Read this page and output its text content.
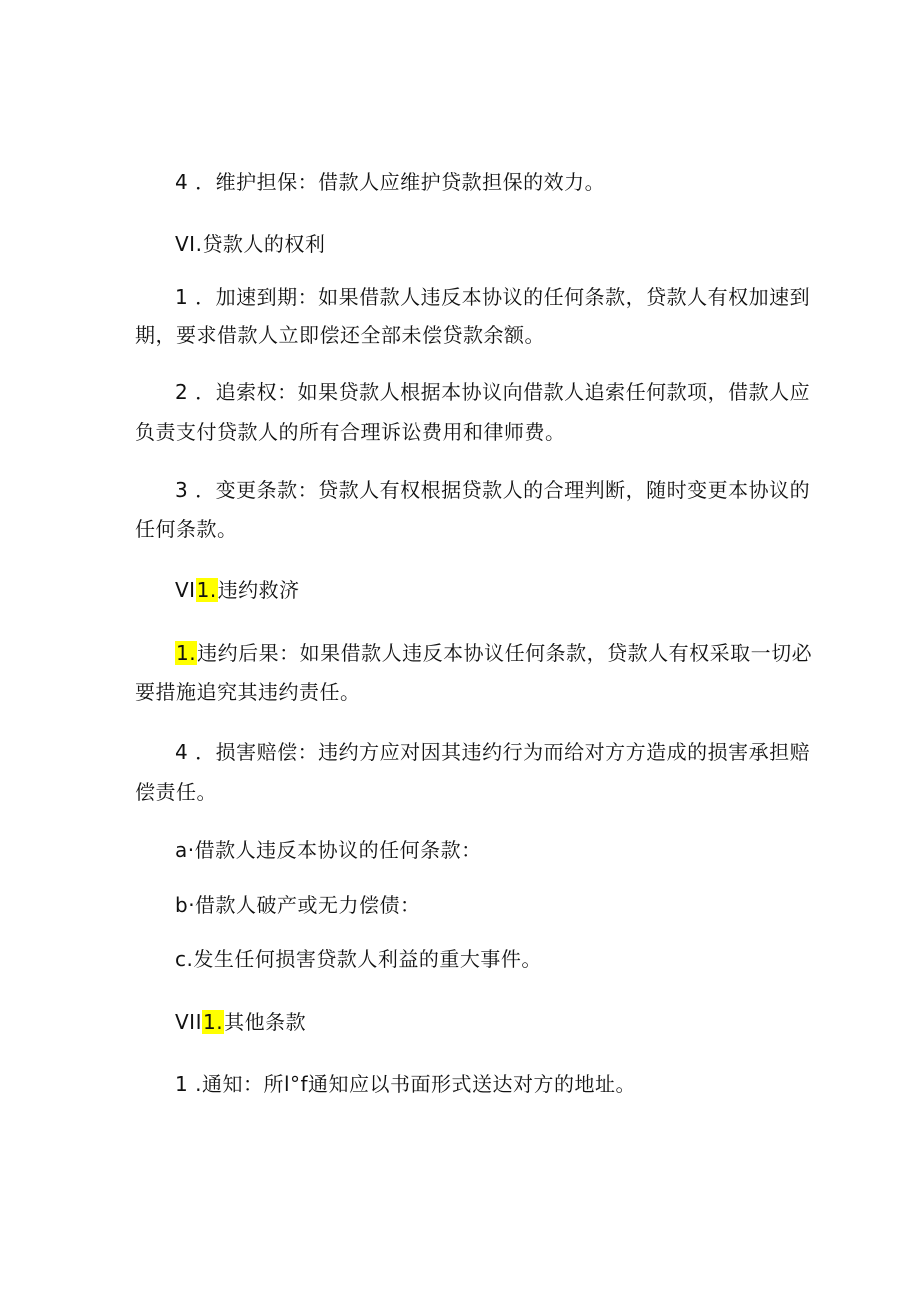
4 ．维护担保：借款人应维护贷款担保的效力。
VI.贷款人的权利
1 ．加速到期：如果借款人违反本协议的任何条款，贷款人有权加速到
期，要求借款人立即偿还全部未偿贷款余额。
2 ．追索权：如果贷款人根据本协议向借款人追索任何款项，借款人应
负责支付贷款人的所有合理诉讼费用和律师费。
3 ．变更条款：贷款人有权根据贷款人的合理判断，随时变更本协议的
任何条款。
VI1.违约救济
1.违约后果：如果借款人违反本协议任何条款，贷款人有权采取一切必
要措施追究其违约责任。
4 ．损害赔偿：违约方应对因其违约行为而给对方方造成的损害承担赔
偿责任。
a·借款人违反本协议的任何条款：
b·借款人破产或无力偿债：
c.发生任何损害贷款人利益的重大事件。
VII1.其他条款
1 .通知：所l°f通知应以书面形式送达对方的地址。
